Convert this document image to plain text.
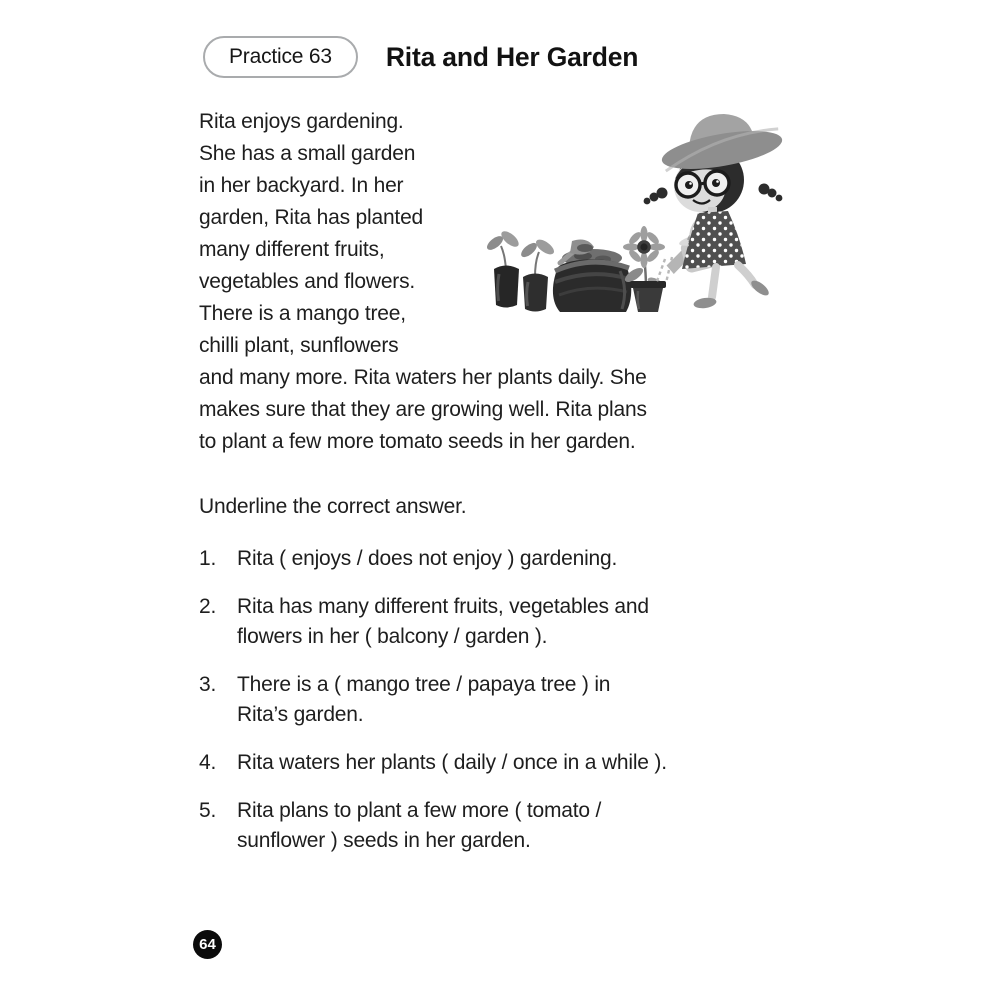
Practice 63 Rita and Her Garden
Rita enjoys gardening.
She has a small garden
in her backyard. In her
garden, Rita has planted
many different fruits,
vegetables and flowers.
There is a mango tree,
chilli plant, sunflowers
and many more. Rita waters her plants daily. She
makes sure that they are growing well. Rita plans
to plant a few more tomato seeds in her garden.

Underline the correct answer.

1. Rita ( enjoys / does not enjoy ) gardening.
2. Rita has many different fruits, vegetables and
flowers in her ( balcony / garden ).
3. There is a ( mango tree / papaya tree ) in
Rita’s garden.
4. Rita waters her plants ( daily / once in a while ).
5. Rita plans to plant a few more ( tomato /
sunflower ) seeds in her garden.
64
